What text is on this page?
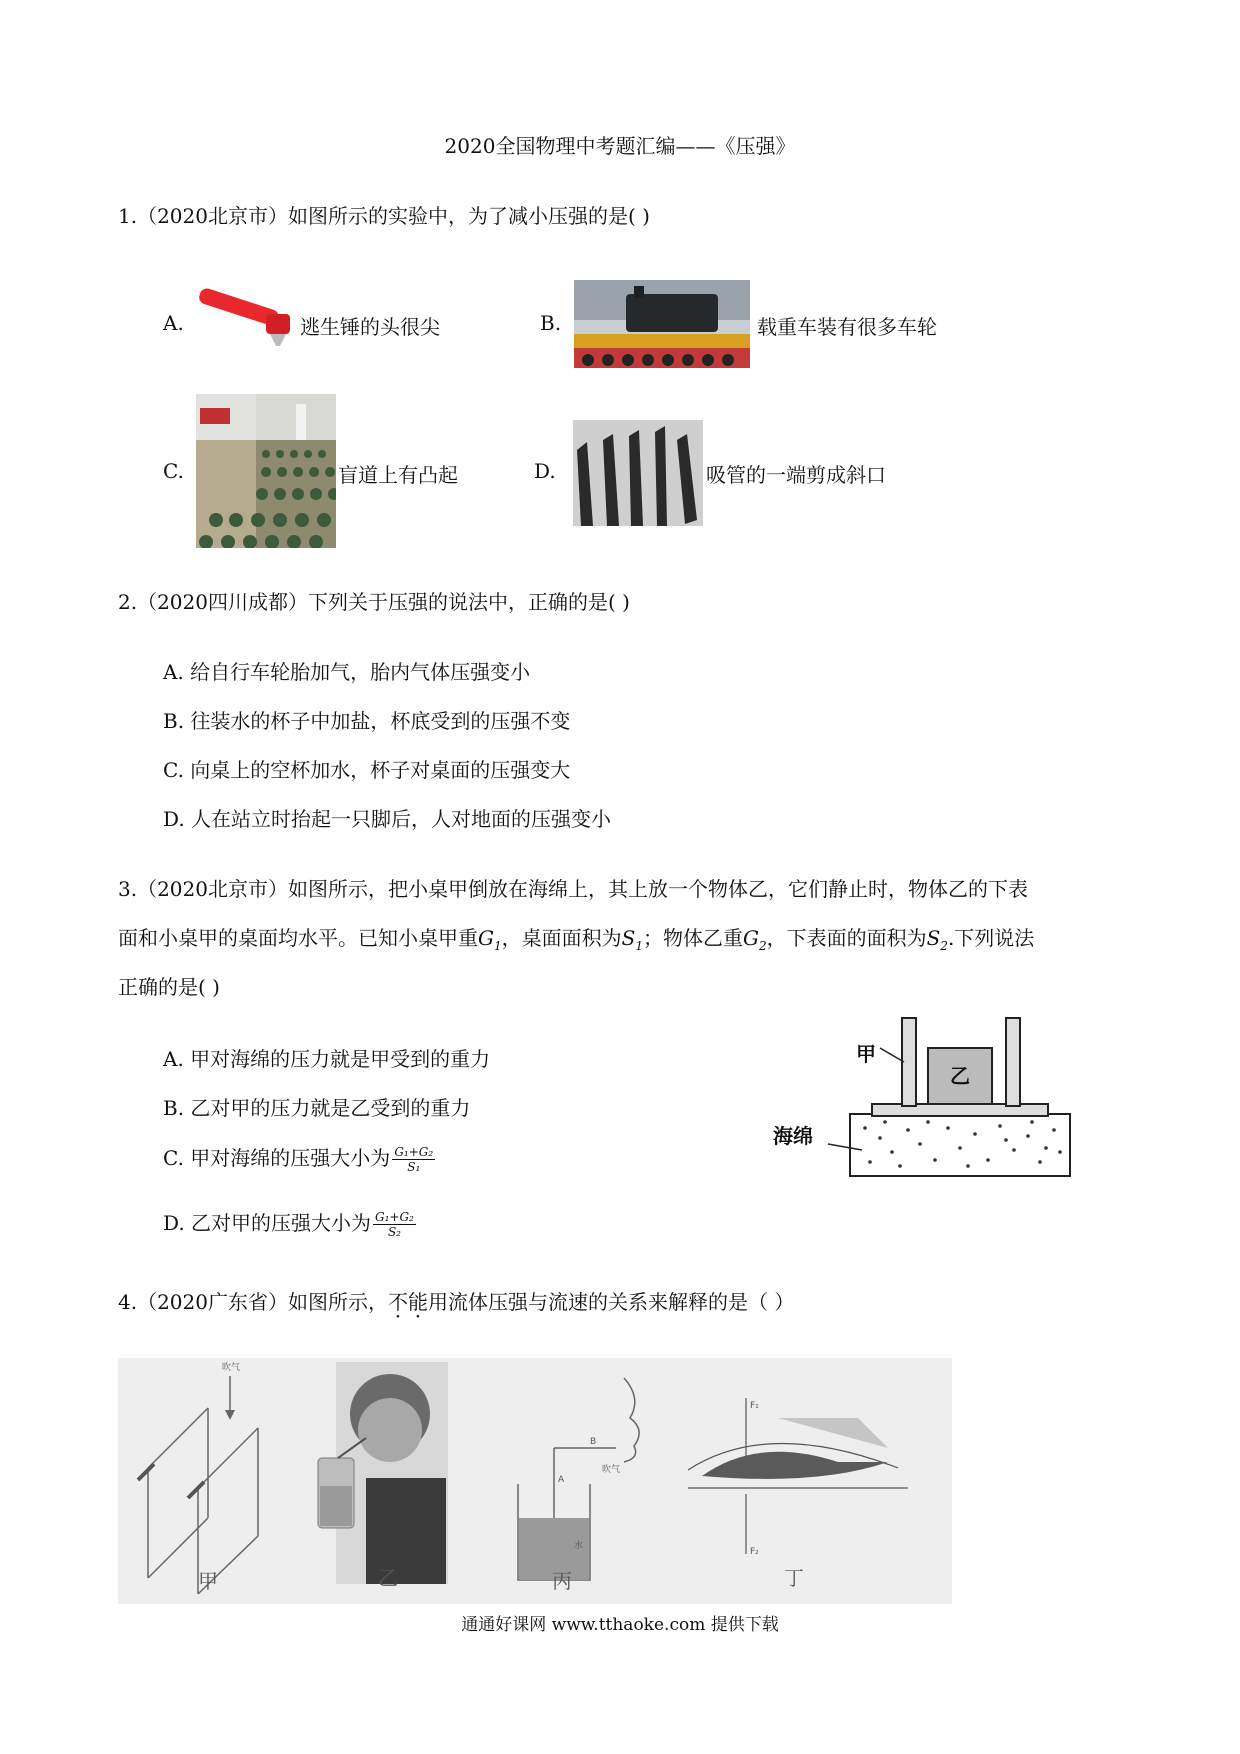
2020全国物理中考题汇编——《压强》
1.（2020北京市）如图所示的实验中，为了减小压强的是( )
A.	逃生锤的头很尖	B.	载重车装有很多车轮
C.	盲道上有凸起	D.	吸管的一端剪成斜口
2.（2020四川成都）下列关于压强的说法中，正确的是( )
A. 给自行车轮胎加气，胎内气体压强变小
B. 往装水的杯子中加盐，杯底受到的压强不变
C. 向桌上的空杯加水，杯子对桌面的压强变大
D. 人在站立时抬起一只脚后，人对地面的压强变小
3.（2020北京市）如图所示，把小桌甲倒放在海绵上，其上放一个物体乙，它们静止时，物体乙的下表
面和小桌甲的桌面均水平。已知小桌甲重$G_1$，桌面面积为$S_1$；物体乙重$G_2$，下表面的面积为$S_2$.下列说法
正确的是( )
A. 甲对海绵的压力就是甲受到的重力
B. 乙对甲的压力就是乙受到的重力
C. 甲对海绵的压强大小为 $\frac{\text{G₁+G₂}}{\text{S₁}}$
D. 乙对甲的压强大小为 $\frac{\text{G₁+G₂}}{\text{S₂}}$
甲
乙
海绵
4.（2020广东省）如图所示，不能用流体压强与流速的关系来解释的是（ ）
吹气
A
B
吹气
水
F₁
F₂
甲	乙	丙	丁
通通好课网 www.tthaoke.com 提供下载
